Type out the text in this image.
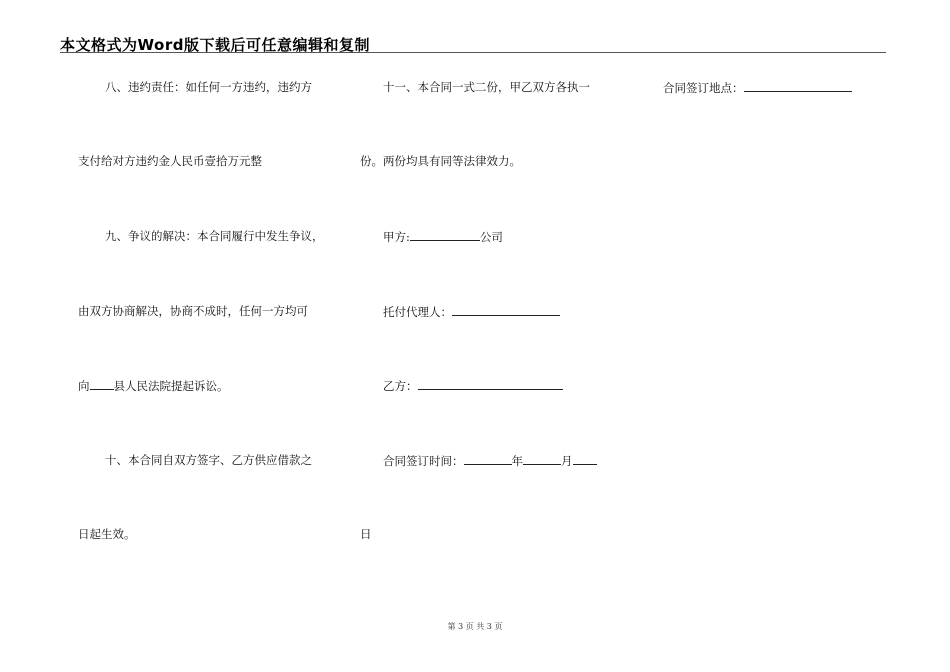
本文格式为Word版下载后可任意编辑和复制
八、违约责任：如任何一方违约，违约方
支付给对方违约金人民币壹拾万元整
九、争议的解决：本合同履行中发生争议，
由双方协商解决，协商不成时，任何一方均可
向 县人民法院提起诉讼。
十、本合同自双方签字、乙方供应借款之
日起生效。
十一、本合同一式二份，甲乙双方各执一
份。两份均具有同等法律效力。
甲方:	公司
托付代理人：
乙方：
合同签订时间：	年	月
日
合同签订地点：
第 3 页 共 3 页
